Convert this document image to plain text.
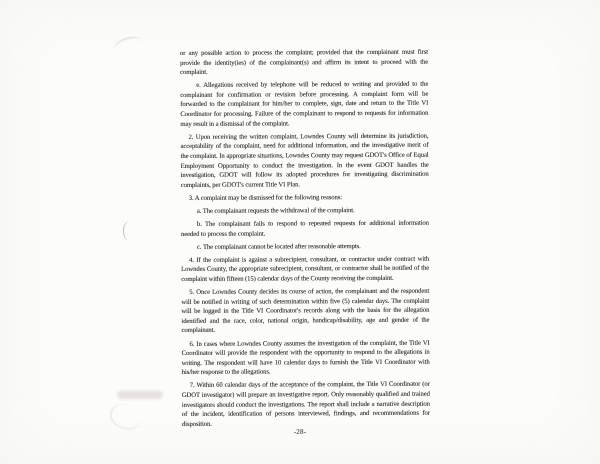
or any possible action to process the complaint; provided that the complainant must first provide the identity(ies) of the complainant(s) and affirm its intent to proceed with the complaint.

e. Allegations received by telephone will be reduced to writing and provided to the complainant for confirmation or revision before processing. A complaint form will be forwarded to the complainant for him/her to complete, sign, date and return to the Title VI Coordinator for processing. Failure of the complainant to respond to requests for information may result in a dismissal of the complaint.

2. Upon receiving the written complaint, Lowndes County will determine its jurisdiction, acceptability of the complaint, need for additional information, and the investigative merit of the complaint. In appropriate situations, Lowndes County may request GDOT's Office of Equal Employment Opportunity to conduct the investigation. In the event GDOT handles the investigation, GDOT will follow its adopted procedures for investigating discrimination complaints, per GDOT's current Title VI Plan.

3. A complaint may be dismissed for the following reasons:

a. The complainant requests the withdrawal of the complaint.

b. The complainant fails to respond to repeated requests for additional information needed to process the complaint.

c. The complainant cannot be located after reasonable attempts.

4. If the complaint is against a subrecipient, consultant, or contractor under contract with Lowndes County, the appropriate subrecipient, consultant, or contractor shall be notified of the complaint within fifteen (15) calendar days of the County receiving the complaint.

5. Once Lowndes County decides its course of action, the complainant and the respondent will be notified in writing of such determination within five (5) calendar days. The complaint will be logged in the Title VI Coordinator's records along with the basis for the allegation identified and the race, color, national origin, handicap/disability, age and gender of the complainant.

6. In cases where Lowndes County assumes the investigation of the complaint, the Title VI Coordinator will provide the respondent with the opportunity to respond to the allegations in writing. The respondent will have 10 calendar days to furnish the Title VI Coordinator with his/her response to the allegations.

7. Within 60 calendar days of the acceptance of the complaint, the Title VI Coordinator (or GDOT investigator) will prepare an investigative report. Only reasonably qualified and trained investigators should conduct the investigations. The report shall include a narrative description of the incident, identification of persons interviewed, findings, and recommendations for disposition.

-28-
